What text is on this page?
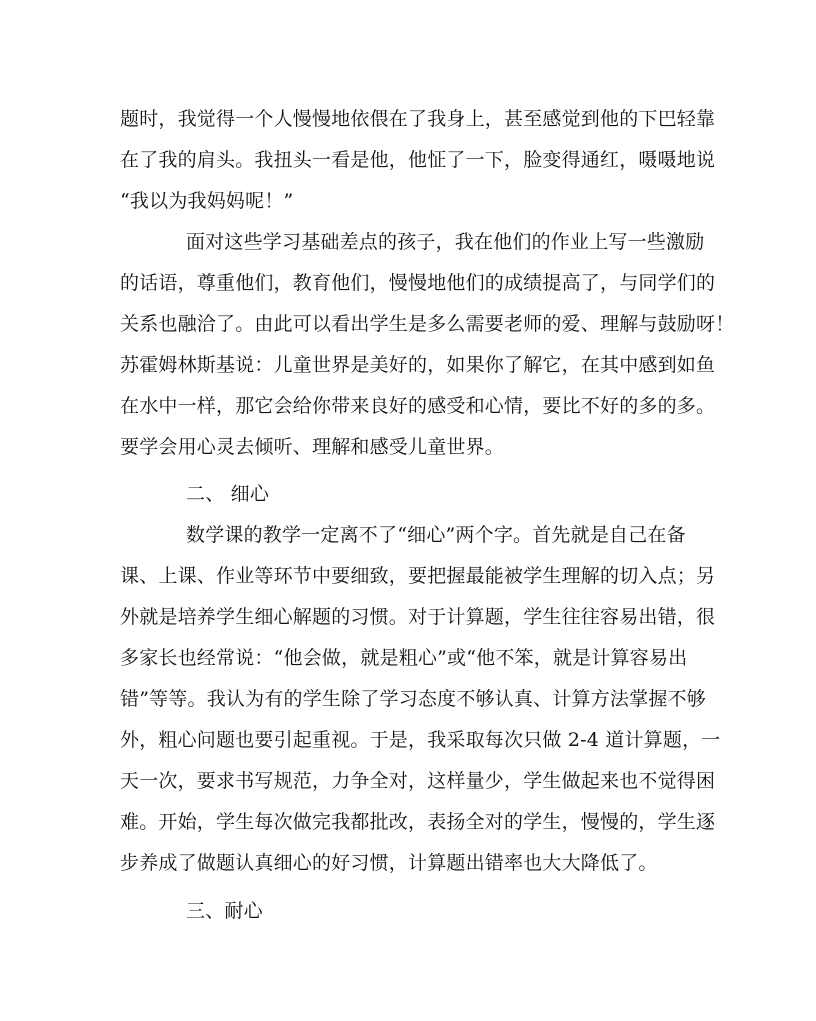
题时，我觉得一个人慢慢地依偎在了我身上，甚至感觉到他的下巴轻靠
在了我的肩头。我扭头一看是他，他怔了一下，脸变得通红，嗫嗫地说
“我以为我妈妈呢！”
面对这些学习基础差点的孩子，我在他们的作业上写一些激励
的话语，尊重他们，教育他们，慢慢地他们的成绩提高了，与同学们的
关系也融洽了。由此可以看出学生是多么需要老师的爱、理解与鼓励呀！
苏霍姆林斯基说：儿童世界是美好的，如果你了解它，在其中感到如鱼
在水中一样，那它会给你带来良好的感受和心情，要比不好的多的多。
要学会用心灵去倾听、理解和感受儿童世界。
二、 细心
数学课的教学一定离不了“细心”两个字。首先就是自己在备
课、上课、作业等环节中要细致，要把握最能被学生理解的切入点；另
外就是培养学生细心解题的习惯。对于计算题，学生往往容易出错，很
多家长也经常说：“他会做，就是粗心”或“他不笨，就是计算容易出
错”等等。我认为有的学生除了学习态度不够认真、计算方法掌握不够
外，粗心问题也要引起重视。于是，我采取每次只做 2-4 道计算题，一
天一次，要求书写规范，力争全对，这样量少，学生做起来也不觉得困
难。开始，学生每次做完我都批改，表扬全对的学生，慢慢的，学生逐
步养成了做题认真细心的好习惯，计算题出错率也大大降低了。
三、耐心
